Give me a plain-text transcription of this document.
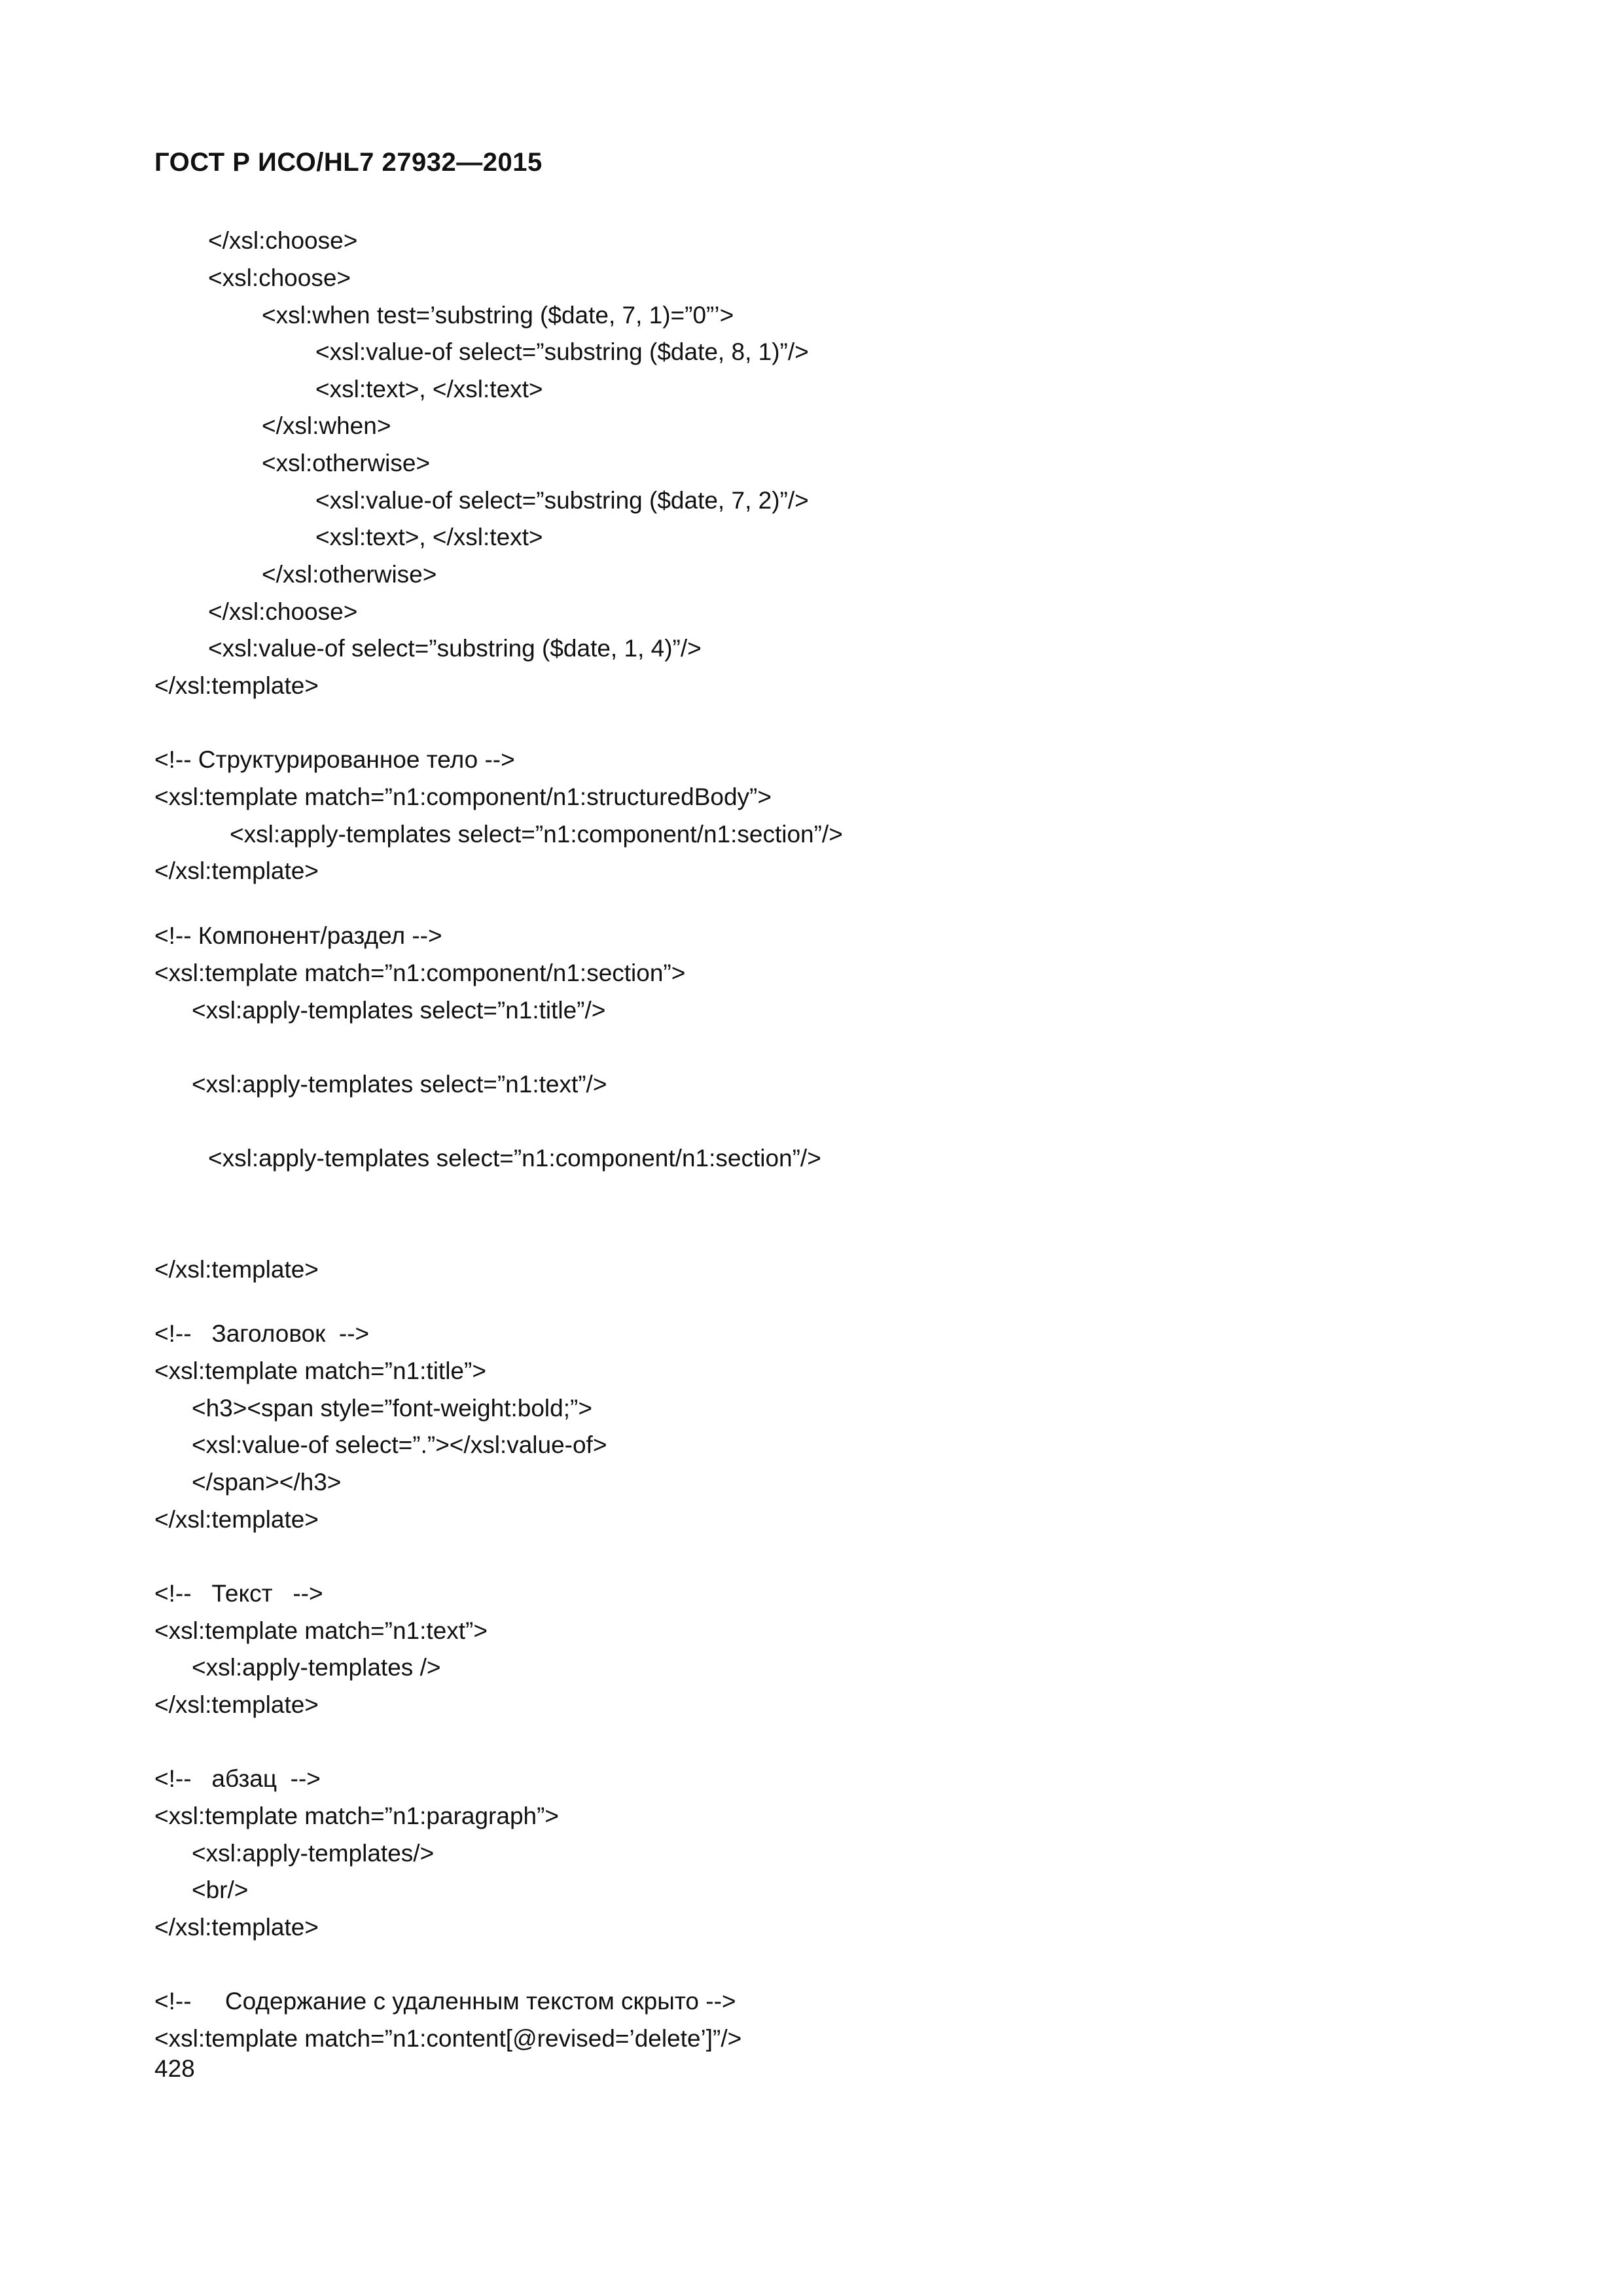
ГОСТ Р ИСО/HL7 27932—2015
</xsl:choose>
<xsl:choose>
<xsl:when test=’substring ($date, 7, 1)=”0”’>
<xsl:value-of select=”substring ($date, 8, 1)”/>
<xsl:text>, </xsl:text>
</xsl:when>
<xsl:otherwise>
<xsl:value-of select=”substring ($date, 7, 2)”/>
<xsl:text>, </xsl:text>
</xsl:otherwise>
</xsl:choose>
<xsl:value-of select=”substring ($date, 1, 4)”/>
</xsl:template>
<!-- Структурированное тело -->
<xsl:template match=”n1:component/n1:structuredBody”>
<xsl:apply-templates select=”n1:component/n1:section”/>
</xsl:template>
<!-- Компонент/раздел -->
<xsl:template match=”n1:component/n1:section”>
<xsl:apply-templates select=”n1:title”/>
<xsl:apply-templates select=”n1:text”/>
<xsl:apply-templates select=”n1:component/n1:section”/>
</xsl:template>
<!--   Заголовок  -->
<xsl:template match=”n1:title”>
<h3><span style=”font-weight:bold;”>
<xsl:value-of select=”.”></xsl:value-of>
</span></h3>
</xsl:template>
<!--   Текст   -->
<xsl:template match=”n1:text”>
<xsl:apply-templates />
</xsl:template>
<!--   абзац  -->
<xsl:template match=”n1:paragraph”>
<xsl:apply-templates/>
<br/>
</xsl:template>
<!--     Содержание с удаленным текстом скрыто -->
<xsl:template match=”n1:content[@revised=’delete’]”/>
428
